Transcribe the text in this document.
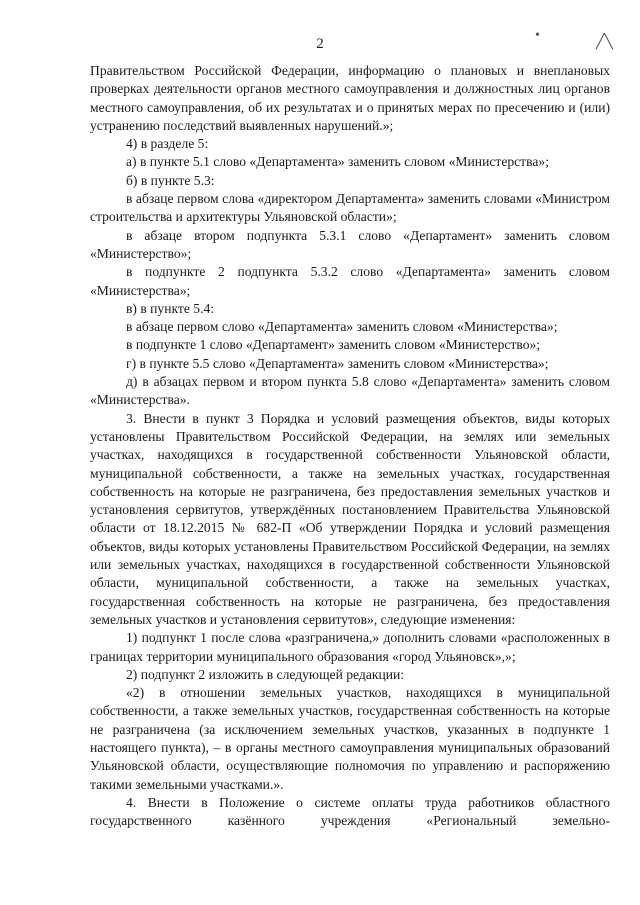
2
•	╱╲

Правительством Российской Федерации, информацию о плановых и внеплановых проверках деятельности органов местного самоуправления и должностных лиц органов местного самоуправления, об их результатах и о принятых мерах по пресечению и (или) устранению последствий выявленных нарушений.»;

4) в разделе 5:

а) в пункте 5.1 слово «Департамента» заменить словом «Министерства»;

б) в пункте 5.3:

в абзаце первом слова «директором Департамента» заменить словами «Министром строительства и архитектуры Ульяновской области»;

в абзаце втором подпункта 5.3.1 слово «Департамент» заменить словом «Министерство»;

в подпункте 2 подпункта 5.3.2 слово «Департамента» заменить словом «Министерства»;

в) в пункте 5.4:

в абзаце первом слово «Департамента» заменить словом «Министерства»;

в подпункте 1 слово «Департамент» заменить словом «Министерство»;

г) в пункте 5.5 слово «Департамента» заменить словом «Министерства»;

д) в абзацах первом и втором пункта 5.8 слово «Департамента» заменить словом «Министерства».

3. Внести в пункт 3 Порядка и условий размещения объектов, виды которых установлены Правительством Российской Федерации, на землях или земельных участках, находящихся в государственной собственности Ульяновской области, муниципальной собственности, а также на земельных участках, государственная собственность на которые не разграничена, без предоставления земельных участков и установления сервитутов, утверждённых постановлением Правительства Ульяновской области от 18.12.2015 № 682-П «Об утверждении Порядка и условий размещения объектов, виды которых установлены Правительством Российской Федерации, на землях или земельных участках, находящихся в государственной собственности Ульяновской области, муниципальной собственности, а также на земельных участках, государственная собственность на которые не разграничена, без предоставления земельных участков и установления сервитутов», следующие изменения:

1) подпункт 1 после слова «разграничена,» дополнить словами «расположенных в границах территории муниципального образования «город Ульяновск»,»;

2) подпункт 2 изложить в следующей редакции:

«2) в отношении земельных участков, находящихся в муниципальной собственности, а также земельных участков, государственная собственность на которые не разграничена (за исключением земельных участков, указанных в подпункте 1 настоящего пункта), – в органы местного самоуправления муниципальных образований Ульяновской области, осуществляющие полномочия по управлению и распоряжению такими земельными участками.».

4. Внести в Положение о системе оплаты труда работников областного государственного казённого учреждения «Региональный земельно-
